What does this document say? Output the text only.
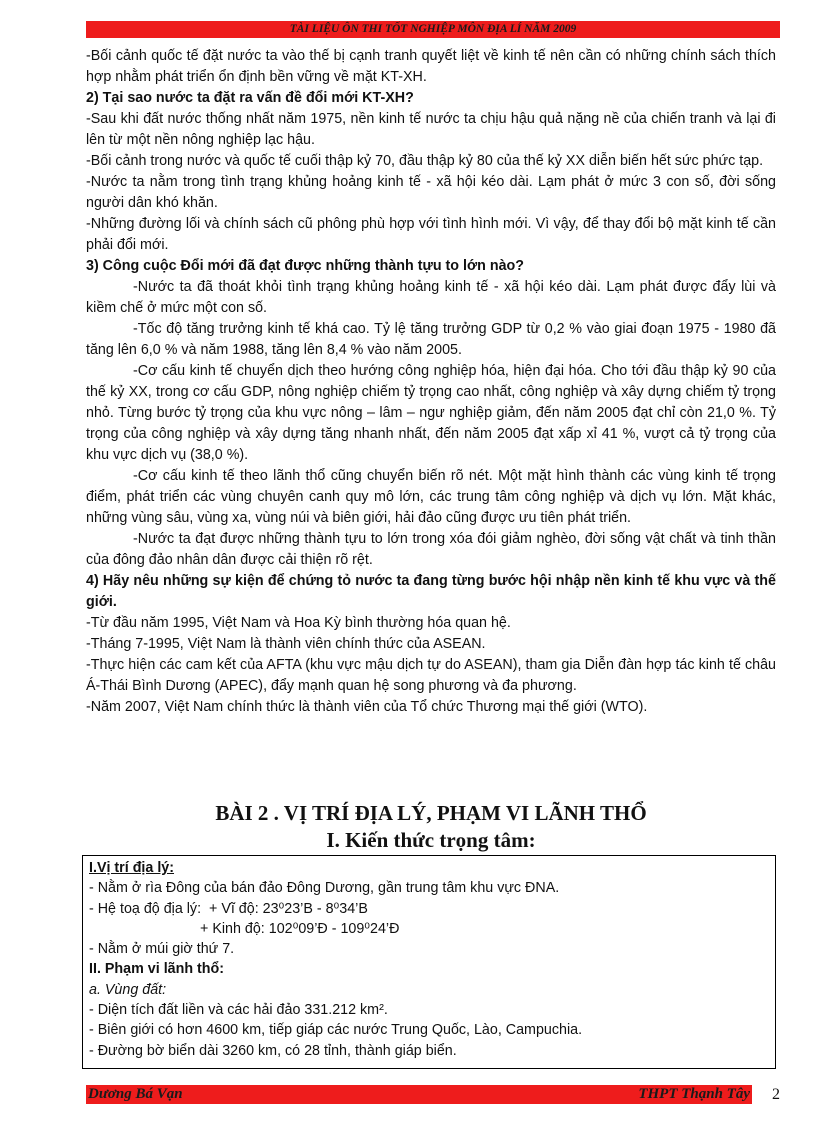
TÀI LIỆU ÔN THI TỐT NGHIỆP MÔN ĐỊA LÍ NĂM 2009

-Bối cảnh quốc tế đặt nước ta vào thế bị cạnh tranh quyết liệt về kinh tế nên cần có những chính sách thích hợp nhằm phát triển ổn định bền vững về mặt KT-XH.

2) Tại sao nước ta đặt ra vấn đề đổi mới KT-XH?

-Sau khi đất nước thống nhất năm 1975, nền kinh tế nước ta chịu hậu quả nặng nề của chiến tranh và lại đi lên từ một nền nông nghiệp lạc hậu.

-Bối cảnh trong nước và quốc tế cuối thập kỷ 70, đầu thập kỷ 80 của thế kỷ XX diễn biến hết sức phức tạp.

-Nước ta nằm trong tình trạng khủng hoảng kinh tế - xã hội kéo dài. Lạm phát ở mức 3 con số, đời sống người dân khó khăn.

-Những đường lối và chính sách cũ phông phù hợp với tình hình mới. Vì vậy, để thay đổi bộ mặt kinh tế cần phải đổi mới.

3) Công cuộc Đổi mới đã đạt được những thành tựu to lớn nào?

-Nước ta đã thoát khỏi tình trạng khủng hoảng kinh tế - xã hội kéo dài. Lạm phát được đẩy lùi và kiềm chế ở mức một con số.

-Tốc độ tăng trưởng kinh tế khá cao. Tỷ lệ tăng trưởng GDP từ 0,2 % vào giai đoạn 1975 - 1980 đã tăng lên 6,0 % và năm 1988, tăng lên 8,4 % vào năm 2005.

-Cơ cấu kinh tế chuyển dịch theo hướng công nghiệp hóa, hiện đại hóa. Cho tới đầu thập kỷ 90 của thế kỷ XX, trong cơ cấu GDP, nông nghiệp chiếm tỷ trọng cao nhất, công nghiệp và xây dựng chiếm tỷ trọng nhỏ. Từng bước tỷ trọng của khu vực nông – lâm – ngư nghiệp giảm, đến năm 2005 đạt chỉ còn 21,0 %. Tỷ trọng của công nghiệp và xây dựng tăng nhanh nhất, đến năm 2005 đạt xấp xỉ 41 %, vượt cả tỷ trọng của khu vực dịch vụ (38,0 %).

-Cơ cấu kinh tế theo lãnh thổ cũng chuyển biến rõ nét. Một mặt hình thành các vùng kinh tế trọng điểm, phát triển các vùng chuyên canh quy mô lớn, các trung tâm công nghiệp và dịch vụ lớn. Mặt khác, những vùng sâu, vùng xa, vùng núi và biên giới, hải đảo cũng được ưu tiên phát triển.

-Nước ta đạt được những thành tựu to lớn trong xóa đói giảm nghèo, đời sống vật chất và tinh thần của đông đảo nhân dân được cải thiện rõ rệt.

4) Hãy nêu những sự kiện để chứng tỏ nước ta đang từng bước hội nhập nền kinh tế khu vực và thế giới.

-Từ đầu năm 1995, Việt Nam và Hoa Kỳ bình thường hóa quan hệ.

-Tháng 7-1995, Việt Nam là thành viên chính thức của ASEAN.

-Thực hiện các cam kết của AFTA (khu vực mậu dịch tự do ASEAN), tham gia Diễn đàn hợp tác kinh tế châu Á-Thái Bình Dương (APEC), đẩy mạnh quan hệ song phương và đa phương.

-Năm 2007, Việt Nam chính thức là thành viên của Tổ chức Thương mại thế giới (WTO).

BÀI 2 . VỊ TRÍ ĐỊA LÝ, PHẠM VI LÃNH THỔ
I. Kiến thức trọng tâm:

I.Vị trí địa lý:

- Nằm ở rìa Đông của bán đảo Đông Dương, gần trung tâm khu vực ĐNA.

- Hệ toạ độ địa lý:  + Vĩ độ: 23⁰23’B - 8⁰34’B

+ Kinh độ: 102⁰09’Đ - 109⁰24’Đ

- Nằm ở múi giờ thứ 7.

II. Phạm vi lãnh thổ:

a. Vùng đất:

- Diện tích đất liền và các hải đảo 331.212 km².

- Biên giới có hơn 4600 km, tiếp giáp các nước Trung Quốc, Lào, Campuchia.

- Đường bờ biển dài 3260 km, có 28 tỉnh, thành giáp biển.

Dương Bá Vạn	THPT Thạnh Tây	2
